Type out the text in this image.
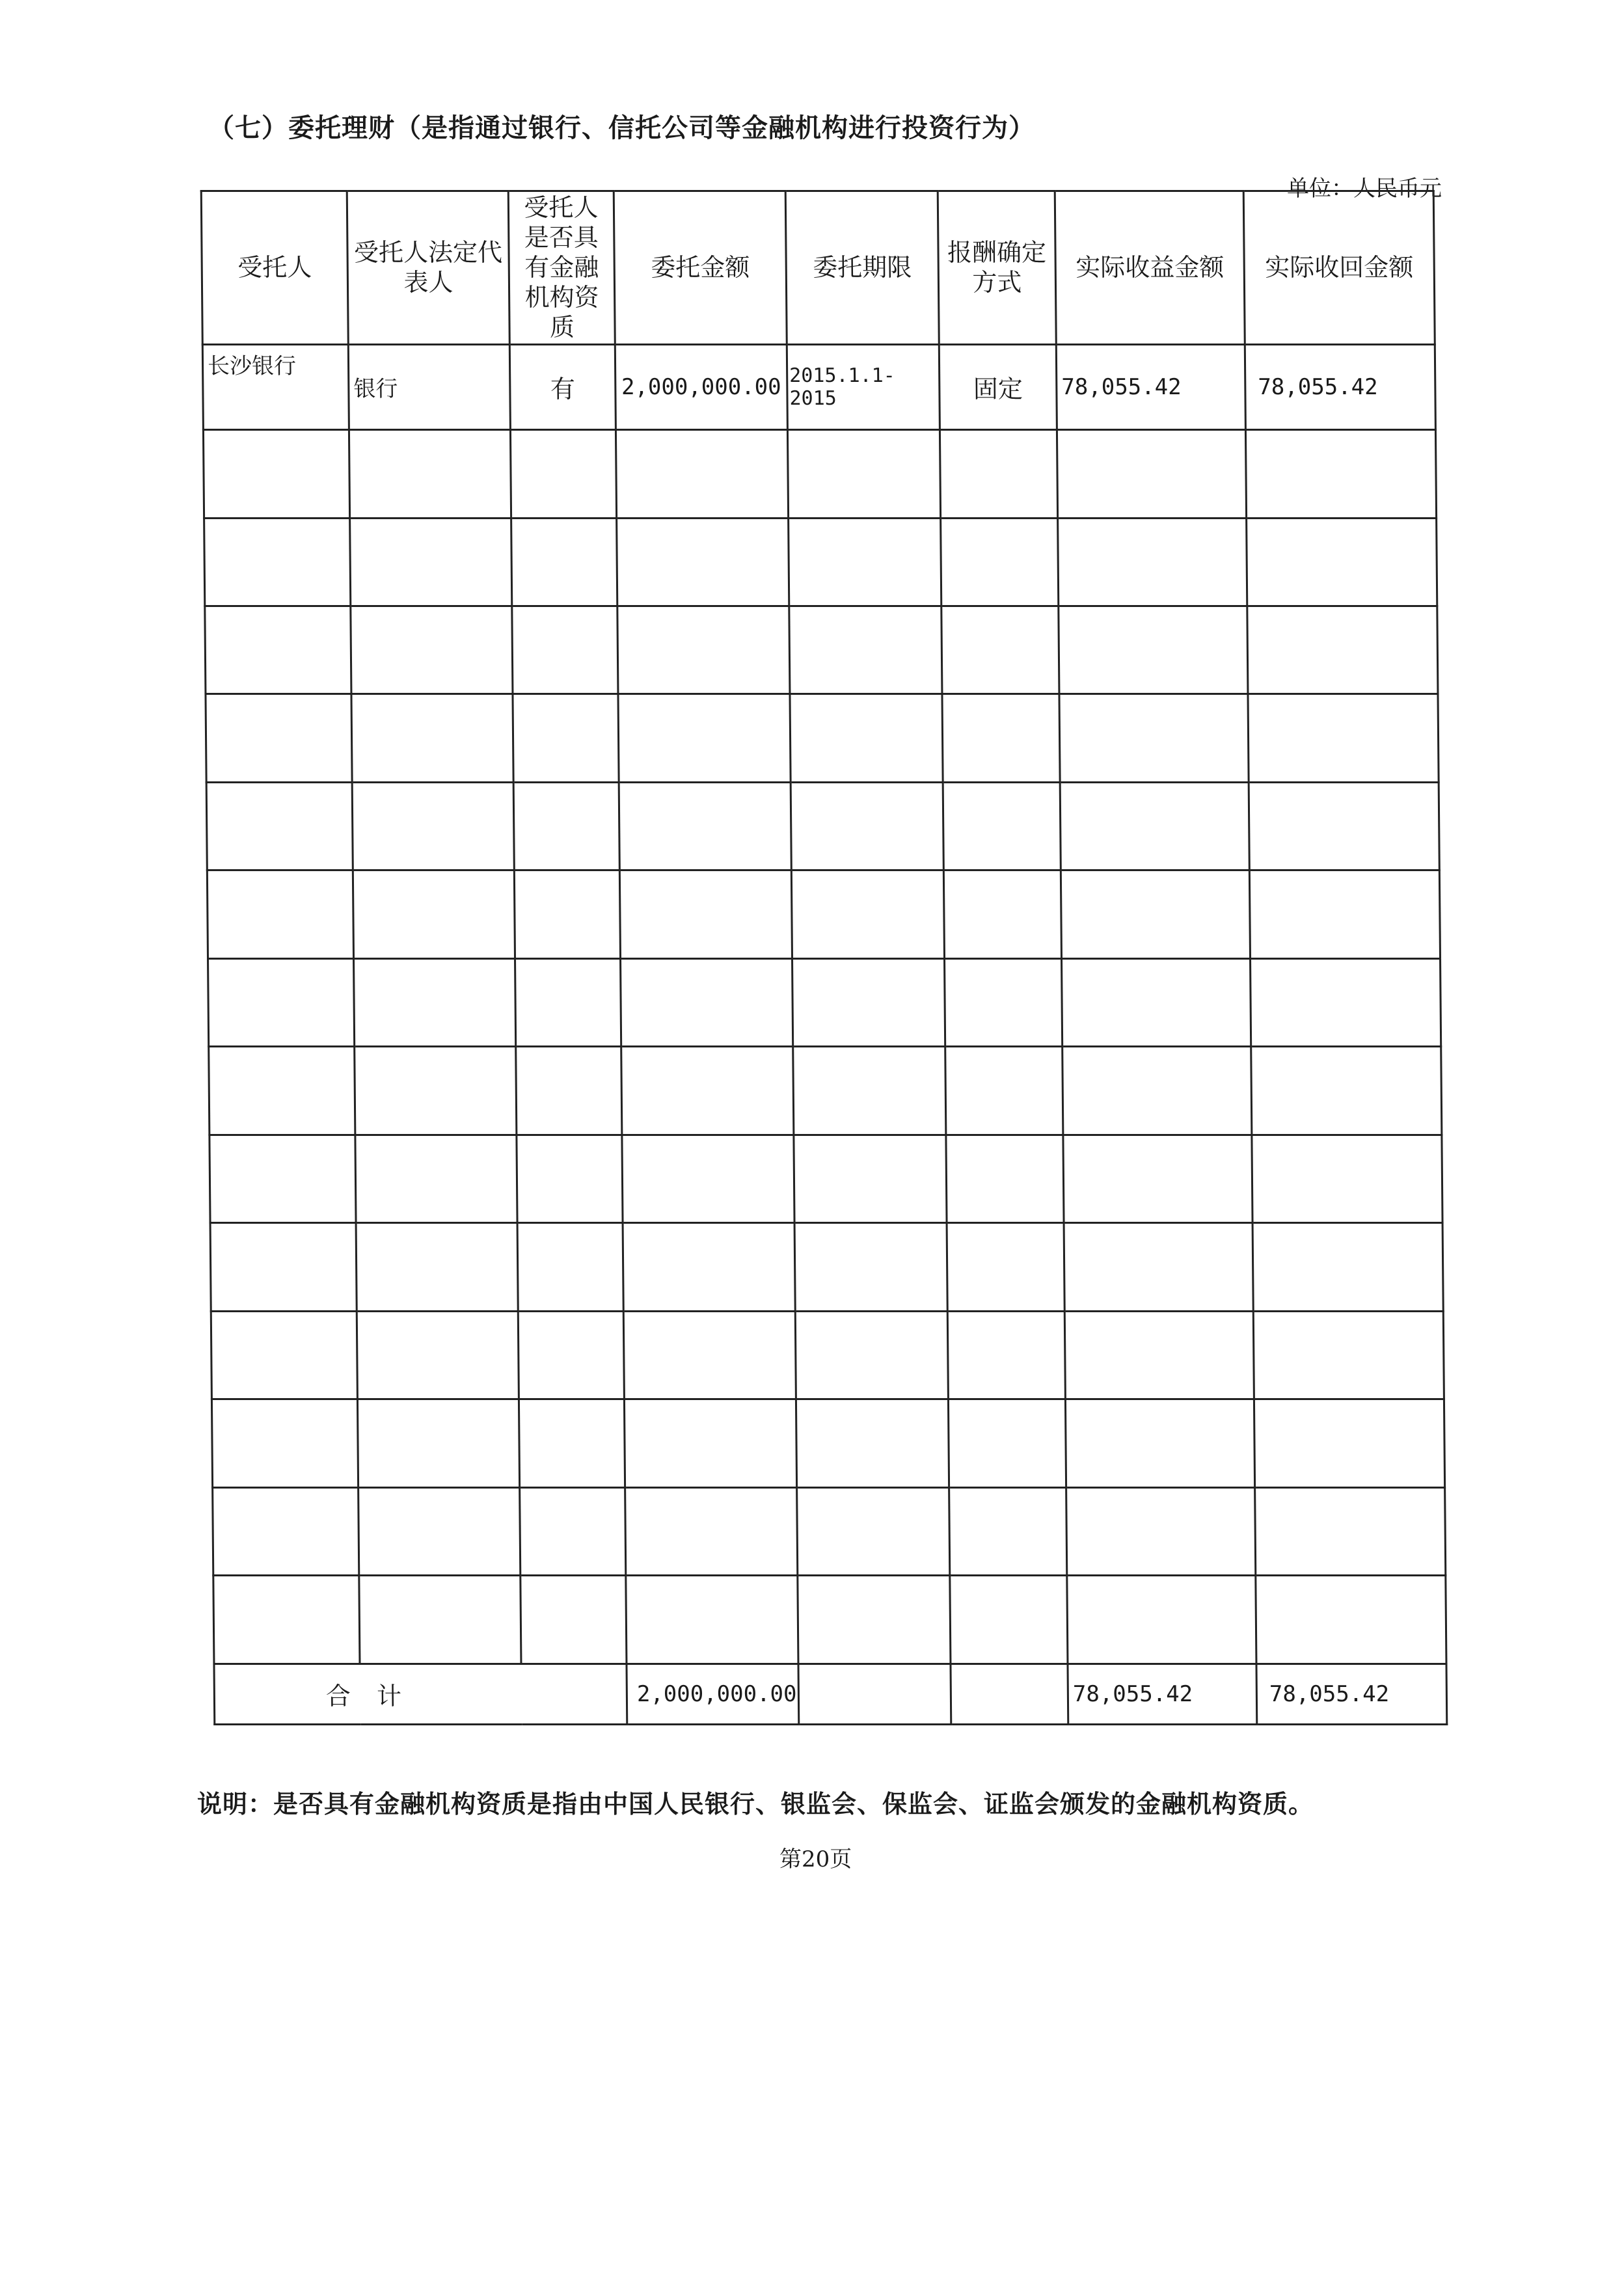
（七）委托理财（是指通过银行、信托公司等金融机构进行投资行为）
单位：人民币元
受托人	受托人法定代表人	受托人是否具有金融机构资质	委托金额	委托期限	报酬确定方式	实际收益金额	实际收回金额

长沙银行	银行	有	2,000,000.00	2015.1.1-2015	固定	78,055.42	78,055.42

合 计			2,000,000.00			78,055.42	78,055.42
说明：是否具有金融机构资质是指由中国人民银行、银监会、保监会、证监会颁发的金融机构资质。
第20页
